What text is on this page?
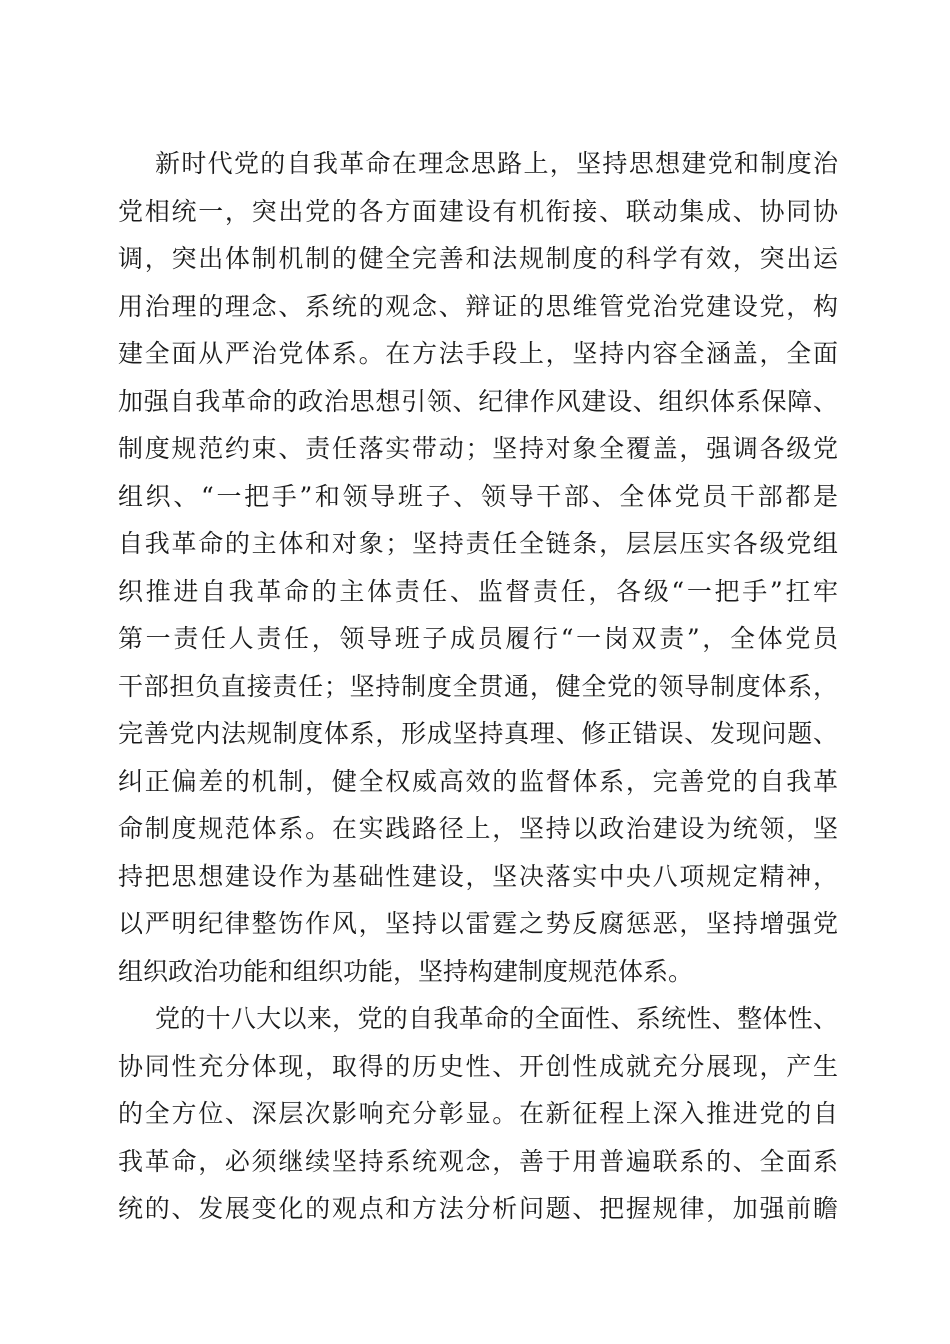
新时代党的自我革命在理念思路上，坚持思想建党和制度治
党相统一，突出党的各方面建设有机衔接、联动集成、协同协
调，突出体制机制的健全完善和法规制度的科学有效，突出运
用治理的理念、系统的观念、辩证的思维管党治党建设党，构
建全面从严治党体系。在方法手段上，坚持内容全涵盖，全面
加强自我革命的政治思想引领、纪律作风建设、组织体系保障、
制度规范约束、责任落实带动；坚持对象全覆盖，强调各级党
组织、“一把手”和领导班子、领导干部、全体党员干部都是
自我革命的主体和对象；坚持责任全链条，层层压实各级党组
织推进自我革命的主体责任、监督责任，各级“一把手”扛牢
第一责任人责任，领导班子成员履行“一岗双责”，全体党员
干部担负直接责任；坚持制度全贯通，健全党的领导制度体系，
完善党内法规制度体系，形成坚持真理、修正错误、发现问题、
纠正偏差的机制，健全权威高效的监督体系，完善党的自我革
命制度规范体系。在实践路径上，坚持以政治建设为统领，坚
持把思想建设作为基础性建设，坚决落实中央八项规定精神，
以严明纪律整饬作风，坚持以雷霆之势反腐惩恶，坚持增强党
组织政治功能和组织功能，坚持构建制度规范体系。
党的十八大以来，党的自我革命的全面性、系统性、整体性、
协同性充分体现，取得的历史性、开创性成就充分展现，产生
的全方位、深层次影响充分彰显。在新征程上深入推进党的自
我革命，必须继续坚持系统观念，善于用普遍联系的、全面系
统的、发展变化的观点和方法分析问题、把握规律，加强前瞻
